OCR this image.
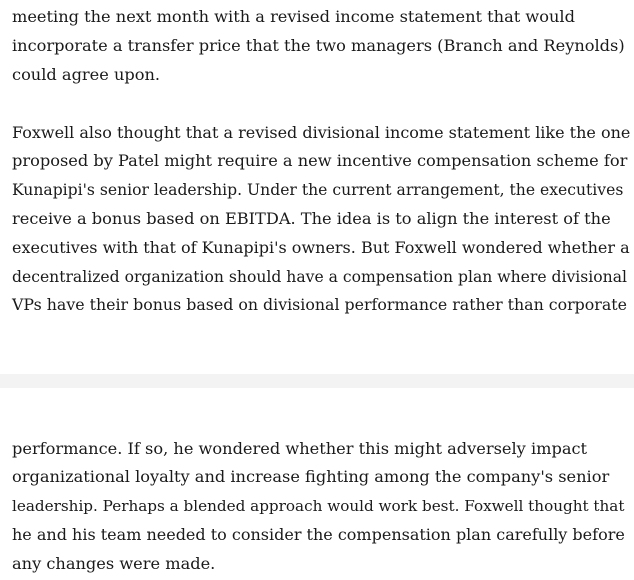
meeting the next month with a revised income statement that would
incorporate a transfer price that the two managers (Branch and Reynolds)
could agree upon.
Foxwell also thought that a revised divisional income statement like the one
proposed by Patel might require a new incentive compensation scheme for
Kunapipi's senior leadership. Under the current arrangement, the executives
receive a bonus based on EBITDA. The idea is to align the interest of the
executives with that of Kunapipi's owners. But Foxwell wondered whether a
decentralized organization should have a compensation plan where divisional
VPs have their bonus based on divisional performance rather than corporate
performance. If so, he wondered whether this might adversely impact
organizational loyalty and increase fighting among the company's senior
leadership. Perhaps a blended approach would work best. Foxwell thought that
he and his team needed to consider the compensation plan carefully before
any changes were made.
